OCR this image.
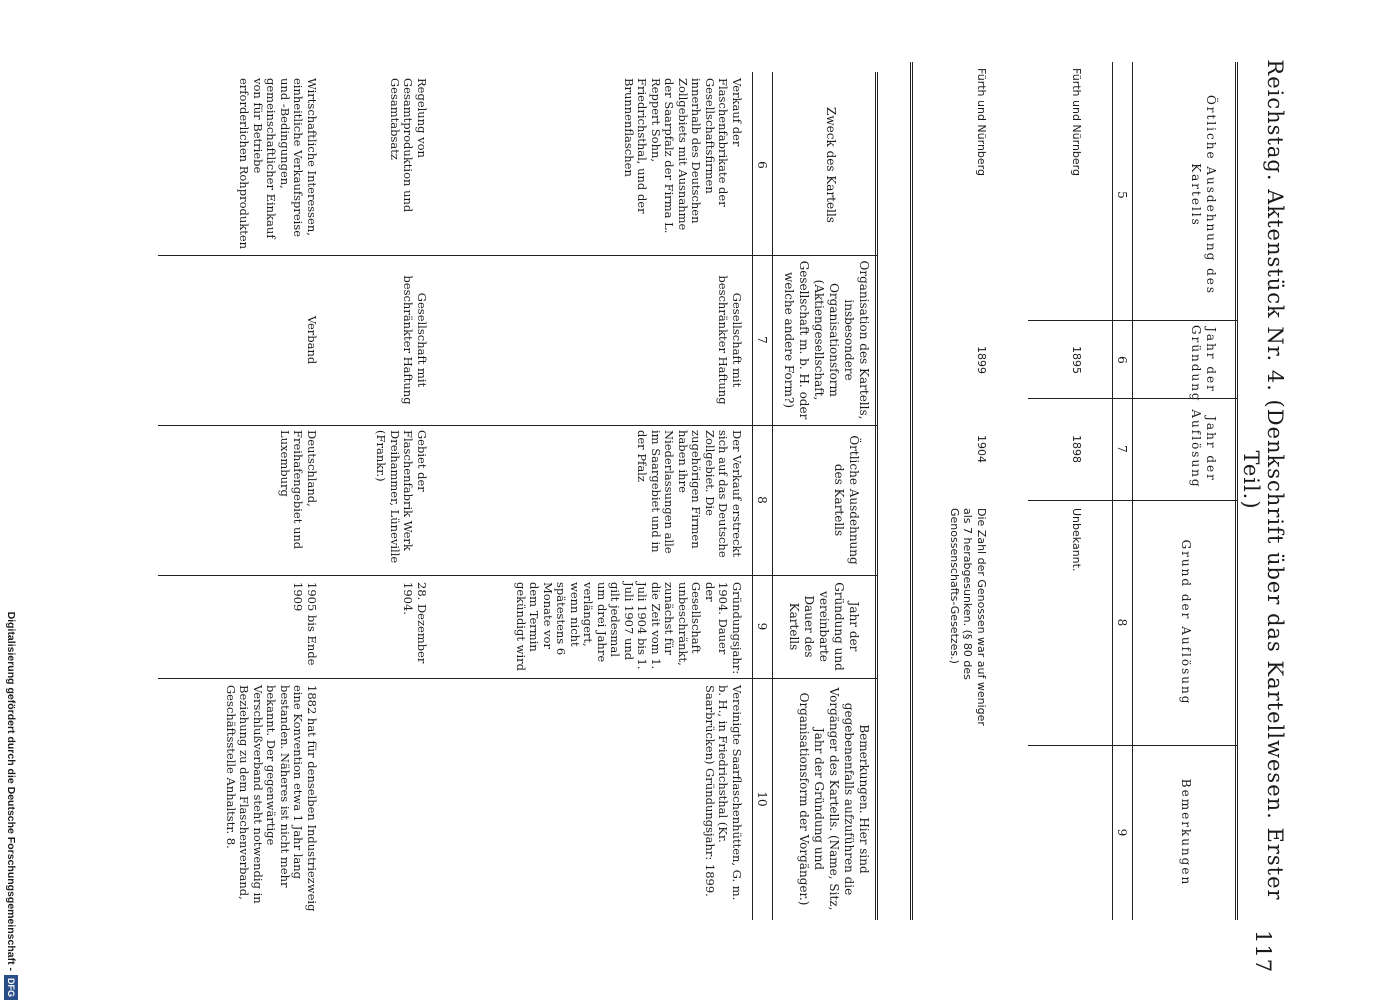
Reichstag. Aktenstück Nr. 4. (Denkschrift über das Kartellwesen. Erster Teil.)
117
Örtliche Ausdehnung des Kartells
Jahr der Gründung
Jahr der Auflösung
Grund der Auflösung
Bemerkungen
5
6
7
8
9
Fürth und Nürnberg
1895
1898
Unbekannt.
Fürth und Nürnberg
1899
1904
Die Zahl der Genossen war auf weniger als 7 herabgesunken. (§ 80 des Genossenschafts-Gesetzes.)
Zweck des Kartells
Organisation des Kartells, insbesondere Organisationsform (Aktiengesellschaft, Gesellschaft m. b. H. oder welche andere Form?)
Örtliche Ausdehnung des Kartells
Jahr der Gründung und vereinbarte Dauer des Kartells
Bemerkungen. Hier sind gegebenenfalls aufzuführen die Vorgänger des Kartells. (Name, Sitz, Jahr der Gründung und Organisationsform der Vorgänger.)
6
7
8
9
10
Verkauf der Flaschenfabrikate der Gesellschaftsfirmen innerhalb des Deutschen Zollgebiets mit Ausnahme der Saarpfalz der Firma L. Reppert Sohn, Friedrichsthal, und der Brunnenflaschen
Gesellschaft mit beschränkter Haftung
Der Verkauf erstreckt sich auf das Deutsche Zollgebiet. Die zugehörigen Firmen haben ihre Niederlassungen alle im Saargebiet und in der Pfalz
Gründungsjahr: 1904. Dauer der Gesellschaft unbeschränkt, zunächst für die Zeit vom 1. Juli 1904 bis 1. Juli 1907 und gilt jedesmal um drei Jahre verlängert, wenn nicht spätestens 6 Monate vor dem Termin gekündigt wird
Vereinigte Saarflaschenhütten, G. m. b. H., in Friedrichsthal (Kr. Saarbrücken) Gründungsjahr: 1899.
Regelung von Gesamtproduktion und Gesamtabsatz
Gesellschaft mit beschränkter Haftung
Gebiet der Flaschenfabrik Werk Dreihammer, Lüneville (Frankr.)
28. Dezember 1904.
Wirtschaftliche Interessen, einheitliche Verkaufspreise und -Bedingungen, gemeinschaftlicher Einkauf von für Betriebe erforderlichen Rohprodukten
Verband
Deutschland, Freihafengebiet und Luxemburg
1905 bis Ende 1909
1882 hat für denselben Industriezweig eine Konvention etwa 1 Jahr lang bestanden. Näheres ist nicht mehr bekannt. Der gegenwärtige Verschlußverband steht notwendig in Beziehung zu dem Flaschenverband, Geschäftsstelle Anhaltstr. 8.
Digitalisierung gefördert durch die Deutsche Forschungsgemeinschaft -
DFG
